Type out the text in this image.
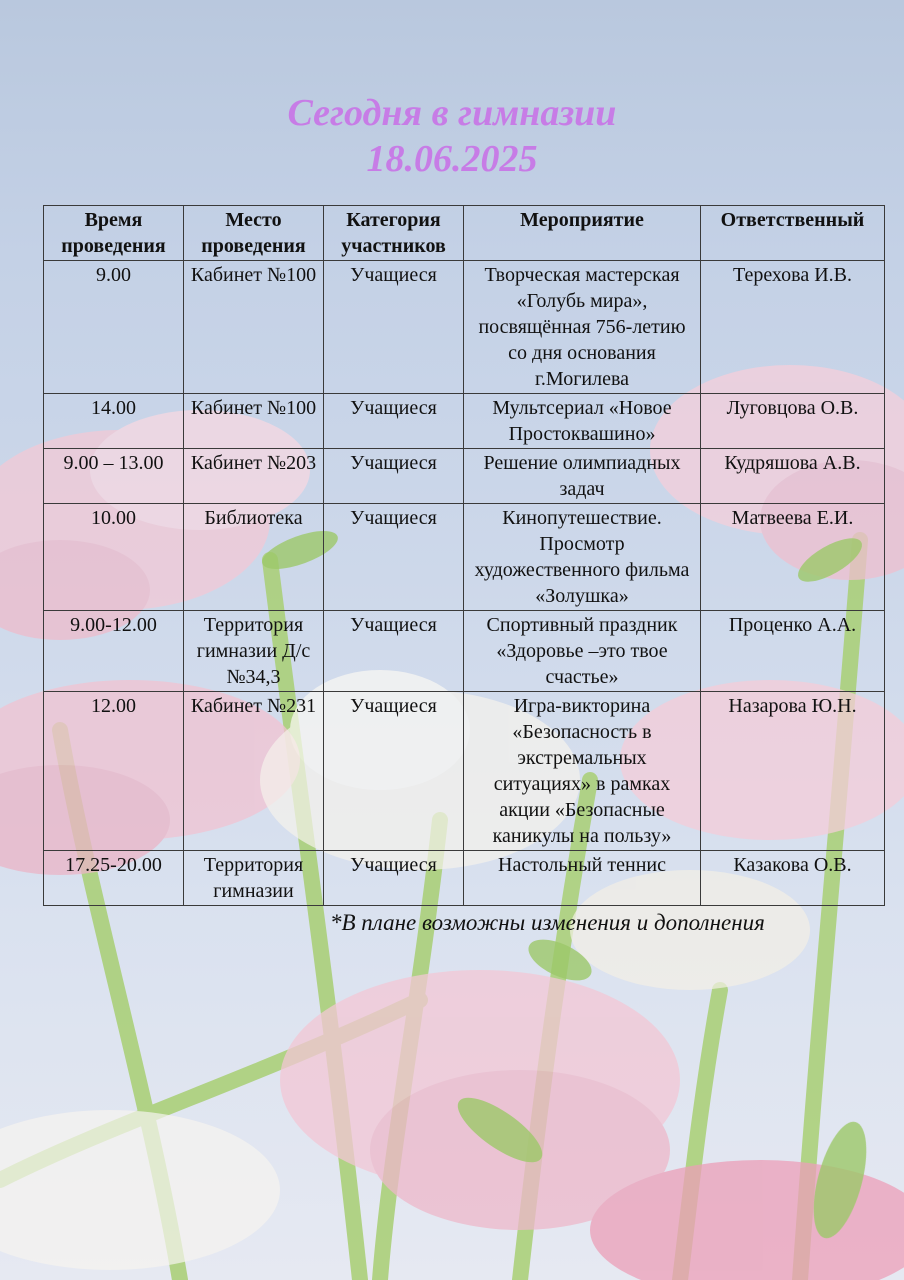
Сегодня в гимназии
18.06.2025
Время проведения	Место проведения	Категория участников	Мероприятие	Ответственный
9.00	Кабинет №100	Учащиеся	Творческая мастерская «Голубь мира», посвящённая 756-летию со дня основания г.Могилева	Терехова И.В.
14.00	Кабинет №100	Учащиеся	Мультсериал «Новое Простоквашино»	Луговцова О.В.
9.00 – 13.00	Кабинет №203	Учащиеся	Решение олимпиадных задач	Кудряшова А.В.
10.00	Библиотека	Учащиеся	Кинопутешествие. Просмотр художественного фильма «Золушка»	Матвеева Е.И.
9.00-12.00	Территория гимназии Д/с №34,3	Учащиеся	Спортивный праздник «Здоровье –это твое счастье»	Проценко А.А.
12.00	Кабинет №231	Учащиеся	Игра-викторина «Безопасность в экстремальных ситуациях» в рамках акции «Безопасные каникулы на пользу»	Назарова Ю.Н.
17.25-20.00	Территория гимназии	Учащиеся	Настольный теннис	Казакова О.В.
*В плане возможны изменения и дополнения
